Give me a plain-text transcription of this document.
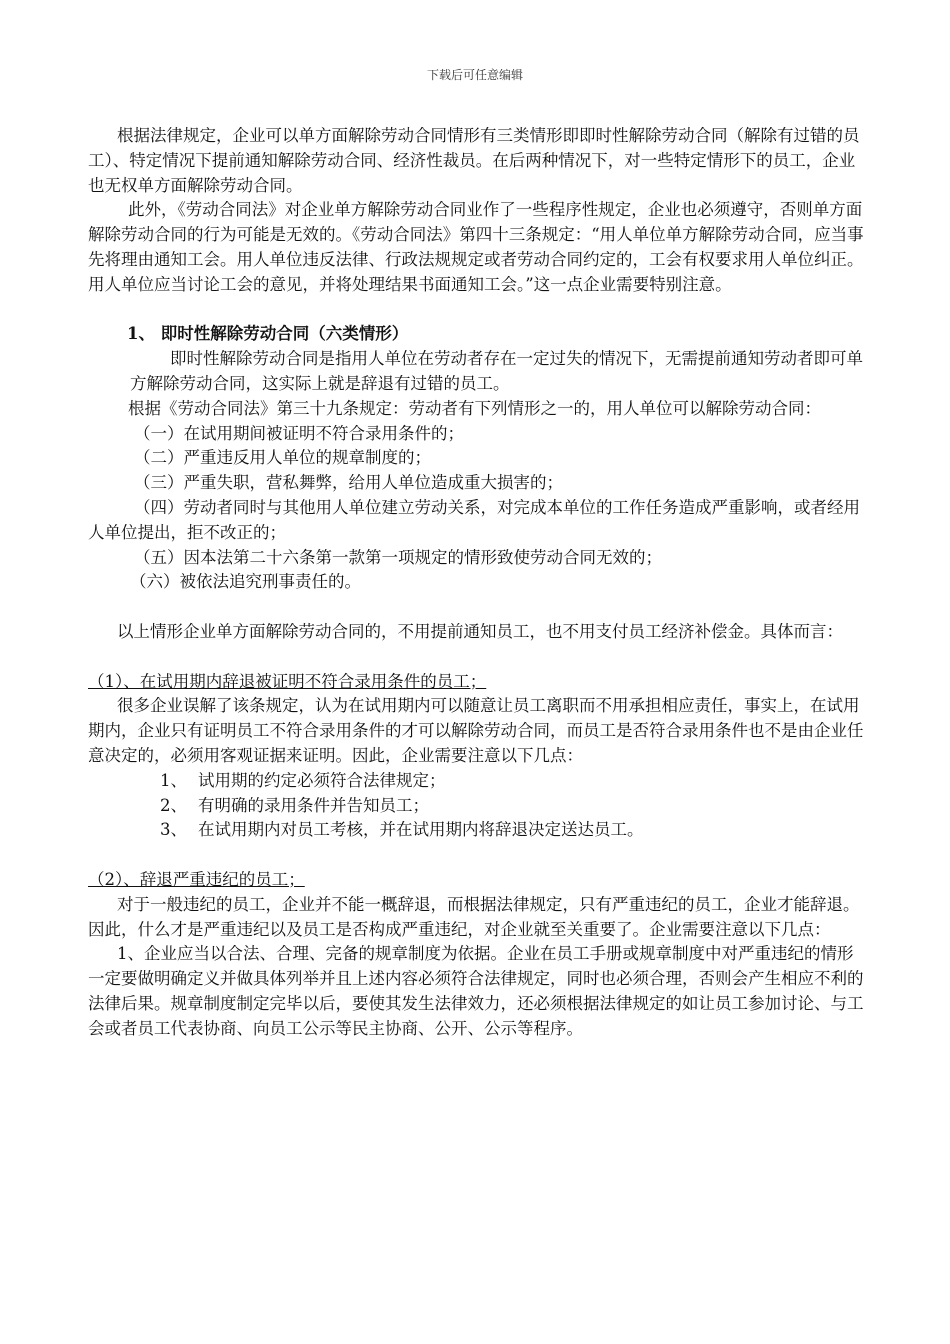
下载后可任意编辑

根据法律规定，企业可以单方面解除劳动合同情形有三类情形即即时性解除劳动合同（解除有过错的员工）、特定情况下提前通知解除劳动合同、经济性裁员。在后两种情况下，对一些特定情形下的员工，企业也无权单方面解除劳动合同。

此外，《劳动合同法》对企业单方解除劳动合同业作了一些程序性规定，企业也必须遵守，否则单方面解除劳动合同的行为可能是无效的。《劳动合同法》第四十三条规定：“用人单位单方解除劳动合同，应当事先将理由通知工会。用人单位违反法律、行政法规规定或者劳动合同约定的，工会有权要求用人单位纠正。用人单位应当讨论工会的意见，并将处理结果书面通知工会。”这一点企业需要特别注意。

1、 即时性解除劳动合同（六类情形）

即时性解除劳动合同是指用人单位在劳动者存在一定过失的情况下，无需提前通知劳动者即可单方解除劳动合同，这实际上就是辞退有过错的员工。

根据《劳动合同法》第三十九条规定：劳动者有下列情形之一的，用人单位可以解除劳动合同：

（一）在试用期间被证明不符合录用条件的；

（二）严重违反用人单位的规章制度的；

（三）严重失职，营私舞弊，给用人单位造成重大损害的；

（四）劳动者同时与其他用人单位建立劳动关系，对完成本单位的工作任务造成严重影响，或者经用人单位提出，拒不改正的；

（五）因本法第二十六条第一款第一项规定的情形致使劳动合同无效的；

（六）被依法追究刑事责任的。

以上情形企业单方面解除劳动合同的，不用提前通知员工，也不用支付员工经济补偿金。具体而言：

（1）、在试用期内辞退被证明不符合录用条件的员工；

很多企业误解了该条规定，认为在试用期内可以随意让员工离职而不用承担相应责任，事实上，在试用期内，企业只有证明员工不符合录用条件的才可以解除劳动合同，而员工是否符合录用条件也不是由企业任意决定的，必须用客观证据来证明。因此，企业需要注意以下几点：

1、 试用期的约定必须符合法律规定；

2、 有明确的录用条件并告知员工；

3、 在试用期内对员工考核，并在试用期内将辞退决定送达员工。

（2）、辞退严重违纪的员工；

对于一般违纪的员工，企业并不能一概辞退，而根据法律规定，只有严重违纪的员工，企业才能辞退。因此，什么才是严重违纪以及员工是否构成严重违纪，对企业就至关重要了。企业需要注意以下几点：

1、企业应当以合法、合理、完备的规章制度为依据。企业在员工手册或规章制度中对严重违纪的情形一定要做明确定义并做具体列举并且上述内容必须符合法律规定，同时也必须合理，否则会产生相应不利的法律后果。规章制度制定完毕以后，要使其发生法律效力，还必须根据法律规定的如让员工参加讨论、与工会或者员工代表协商、向员工公示等民主协商、公开、公示等程序。
